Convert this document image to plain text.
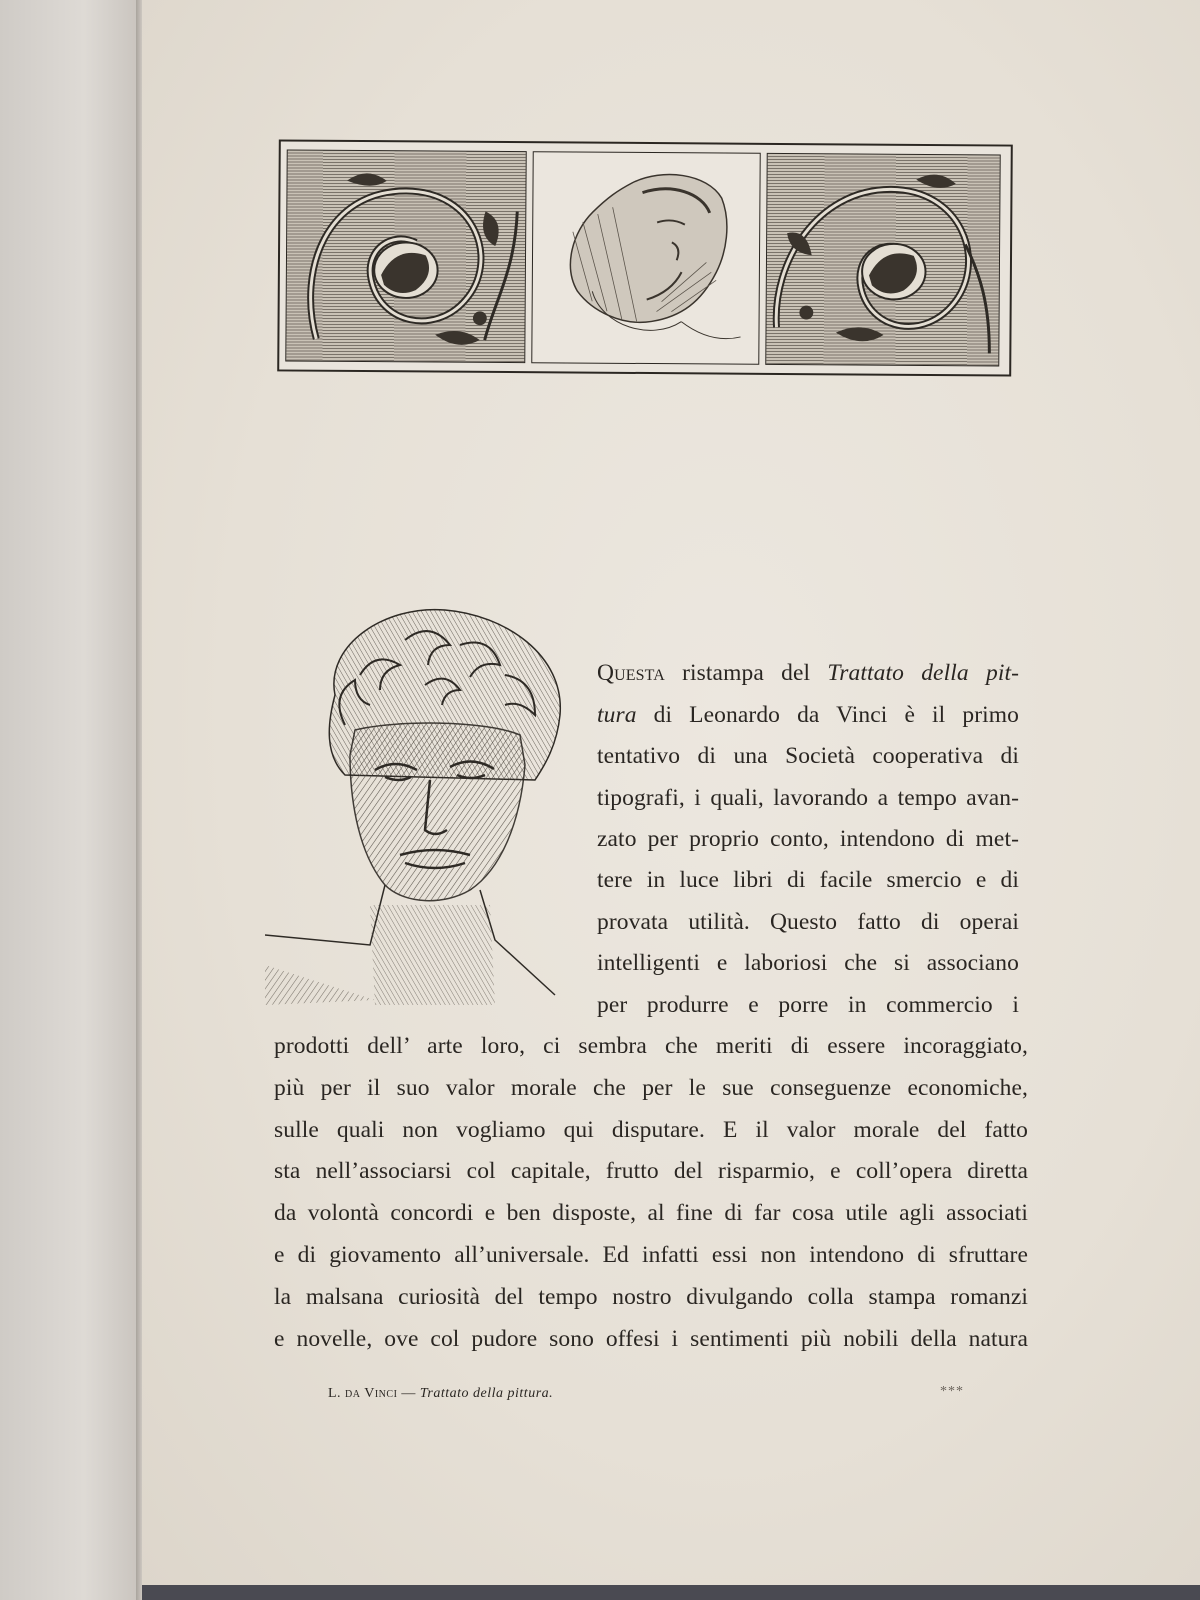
Questa ristampa del Trattato della pit-
tura di Leonardo da Vinci è il primo
tentativo di una Società cooperativa di
tipografi, i quali, lavorando a tempo avan-
zato per proprio conto, intendono di met-
tere in luce libri di facile smercio e di
provata utilità. Questo fatto di operai
intelligenti e laboriosi che si associano
per produrre e porre in commercio i
prodotti dell’ arte loro, ci sembra che meriti di essere incoraggiato,
più per il suo valor morale che per le sue conseguenze economiche,
sulle quali non vogliamo qui disputare. E il valor morale del fatto
sta nell’associarsi col capitale, frutto del risparmio, e coll’opera diretta
da volontà concordi e ben disposte, al fine di far cosa utile agli associati
e di giovamento all’universale. Ed infatti essi non intendono di sfruttare
la malsana curiosità del tempo nostro divulgando colla stampa romanzi
e novelle, ove col pudore sono offesi i sentimenti più nobili della natura
L. da Vinci — Trattato della pittura.	***
